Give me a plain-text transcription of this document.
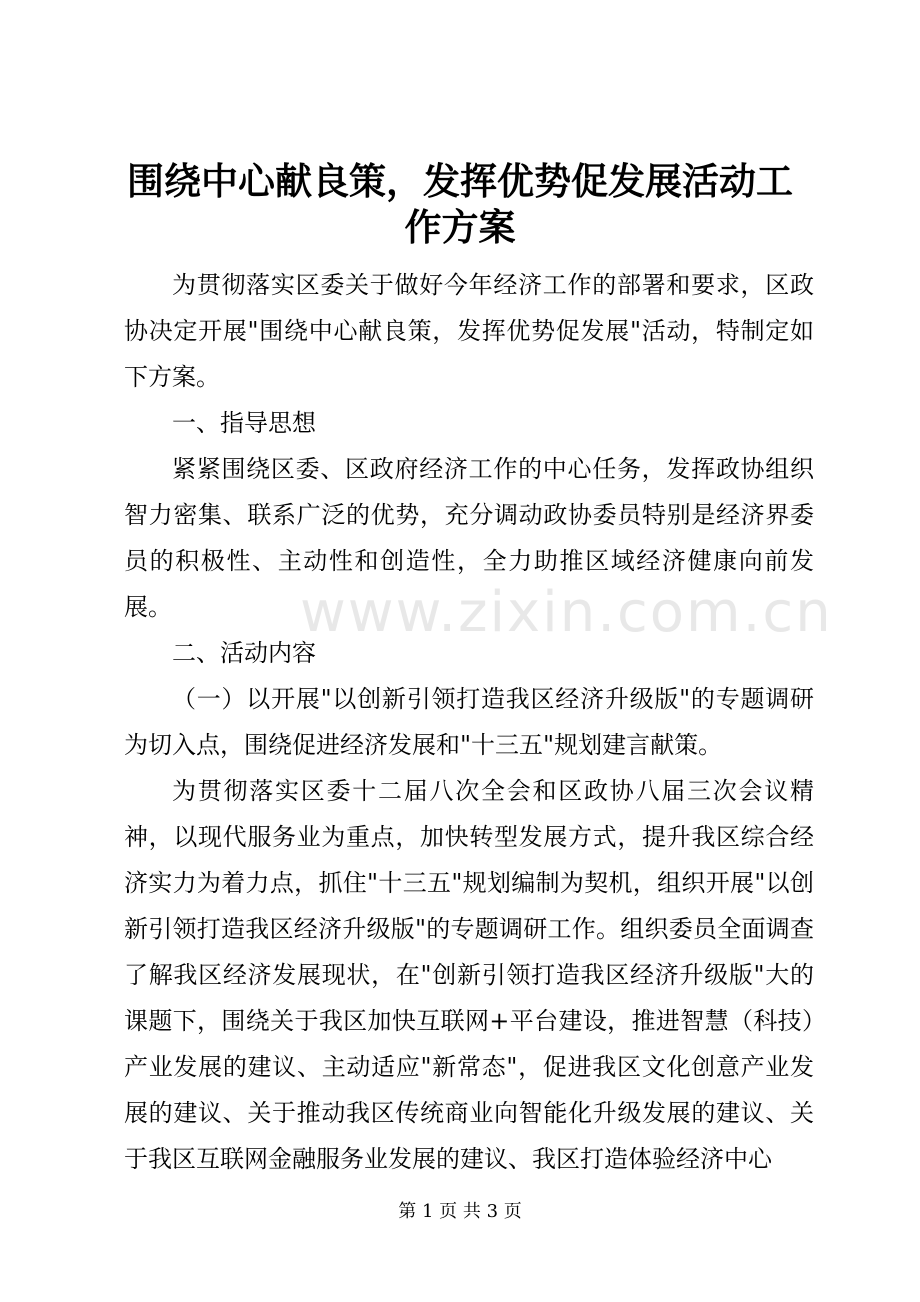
围绕中心献良策，发挥优势促发展活动工作方案

为贯彻落实区委关于做好今年经济工作的部署和要求，区政协决定开展"围绕中心献良策，发挥优势促发展"活动，特制定如下方案。

一、指导思想

紧紧围绕区委、区政府经济工作的中心任务，发挥政协组织智力密集、联系广泛的优势，充分调动政协委员特别是经济界委员的积极性、主动性和创造性，全力助推区域经济健康向前发展。

二、活动内容

（一）以开展"以创新引领打造我区经济升级版"的专题调研为切入点，围绕促进经济发展和"十三五"规划建言献策。

为贯彻落实区委十二届八次全会和区政协八届三次会议精神，以现代服务业为重点，加快转型发展方式，提升我区综合经济实力为着力点，抓住"十三五"规划编制为契机，组织开展"以创新引领打造我区经济升级版"的专题调研工作。组织委员全面调查了解我区经济发展现状，在"创新引领打造我区经济升级版"大的课题下，围绕关于我区加快互联网+平台建设，推进智慧（科技）产业发展的建议、主动适应"新常态"，促进我区文化创意产业发展的建议、关于推动我区传统商业向智能化升级发展的建议、关于我区互联网金融服务业发展的建议、我区打造体验经济中心

www.zixin.com.cn
第 1 页 共 3 页
